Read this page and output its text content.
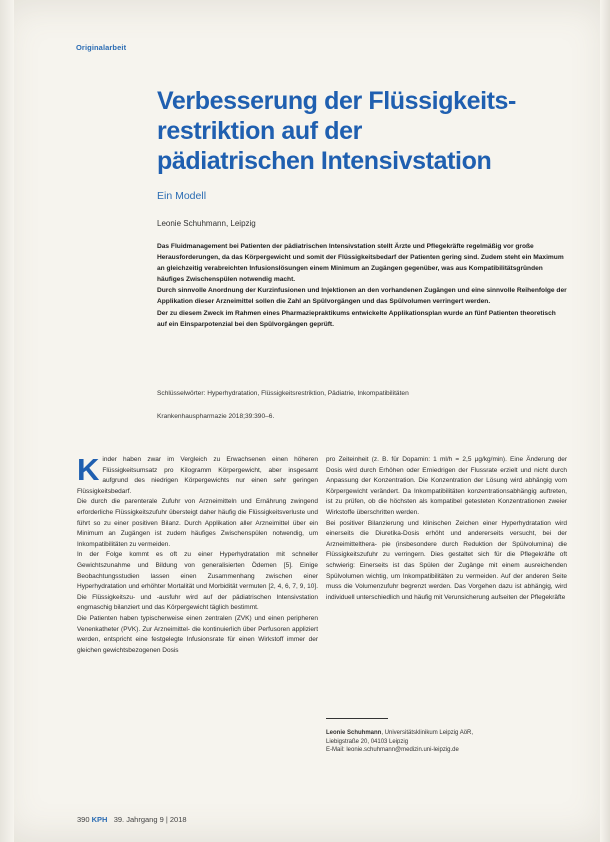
Originalarbeit
Verbesserung der Flüssigkeits-
restriktion auf der
pädiatrischen Intensivstation
Ein Modell
Leonie Schuhmann, Leipzig

Das Fluidmanagement bei Patienten der pädiatrischen Intensivstation stellt Ärzte und Pflegekräfte regelmäßig vor große Herausforderungen, da das Körpergewicht und somit der Flüssigkeitsbedarf der Patienten gering sind. Zudem steht ein Maximum an gleichzeitig verabreichten Infusionslösungen einem Minimum an Zugängen gegenüber, was aus Kompatibilitätsgründen häufiges Zwischenspülen notwendig macht.

Durch sinnvolle Anordnung der Kurzinfusionen und Injektionen an den vorhandenen Zugängen und eine sinnvolle Reihenfolge der Applikation dieser Arzneimittel sollen die Zahl an Spülvorgängen und das Spülvolumen verringert werden.

Der zu diesem Zweck im Rahmen eines Pharmaziepraktikums entwickelte Applikationsplan wurde an fünf Patienten theoretisch auf ein Einsparpotenzial bei den Spülvorgängen geprüft.

Schlüsselwörter: Hyperhydratation, Flüssigkeitsrestriktion, Pädiatrie, Inkompatibilitäten
Krankenhauspharmazie 2018;39:390–6.

Kinder haben zwar im Vergleich zu Erwachsenen einen höheren Flüssigkeitsumsatz pro Kilogramm Körpergewicht, aber insgesamt aufgrund des niedrigen Körpergewichts nur einen sehr geringen Flüssigkeitsbedarf.

Die durch die parenterale Zufuhr von Arzneimitteln und Ernährung zwingend erforderliche Flüssigkeitszufuhr übersteigt daher häufig die Flüssigkeitsverluste und führt so zu einer positiven Bilanz. Durch Applikation aller Arzneimittel über ein Minimum an Zugängen ist zudem häufiges Zwischenspülen notwendig, um Inkompatibilitäten zu vermeiden.

In der Folge kommt es oft zu einer Hyperhydratation mit schneller Gewichtszunahme und Bildung von generalisierten Ödemen [5]. Einige Beobachtungsstudien lassen einen Zusammenhang zwischen einer Hyperhydratation und erhöhter Mortalität und Morbidität vermuten [2, 4, 6, 7, 9, 10]. Die Flüssigkeitszu- und -ausfuhr wird auf der pädiatrischen Intensivstation engmaschig bilanziert und das Körpergewicht täglich bestimmt.

Die Patienten haben typischerweise einen zentralen (ZVK) und einen peripheren Venenkatheter (PVK). Zur Arzneimittel- die kontinuierlich über Perfusoren appliziert werden, entspricht eine festgelegte Infusionsrate für einen Wirkstoff immer der gleichen gewichtsbezogenen Dosis

pro Zeiteinheit (z. B. für Dopamin: 1 ml/h = 2,5 µg/kg/min). Eine Änderung der Dosis wird durch Erhöhen oder Erniedrigen der Flussrate erzielt und nicht durch Anpassung der Konzentration. Die Konzentration der Lösung wird abhängig vom Körpergewicht verändert. Da Inkompatibilitäten konzentrationsabhängig auftreten, ist zu prüfen, ob die höchsten als kompatibel getesteten Konzentrationen zweier Wirkstoffe überschritten werden.

Bei positiver Bilanzierung und klinischen Zeichen einer Hyperhydratation wird einerseits die Diuretika-Dosis erhöht und andererseits versucht, bei der Arzneimittelthera- pie (insbesondere durch Reduktion der Spülvolumina) die Flüssigkeitszufuhr zu verringern. Dies gestaltet sich für die Pflegekräfte oft schwierig: Einerseits ist das Spülen der Zugänge mit einem ausreichenden Spülvolumen wichtig, um Inkompatibilitäten zu vermeiden. Auf der anderen Seite muss die Volumenzufuhr begrenzt werden. Das Vorgehen dazu ist abhängig, wird individuell unterschiedlich und häufig mit Verunsicherung aufseiten der Pflegekräfte

Leonie Schuhmann, Universitätsklinikum Leipzig AöR,
Liebigstraße 20, 04103 Leipzig
E-Mail: leonie.schuhmann@medizin.uni-leipzig.de
390 KPH 39. Jahrgang 9 | 2018
